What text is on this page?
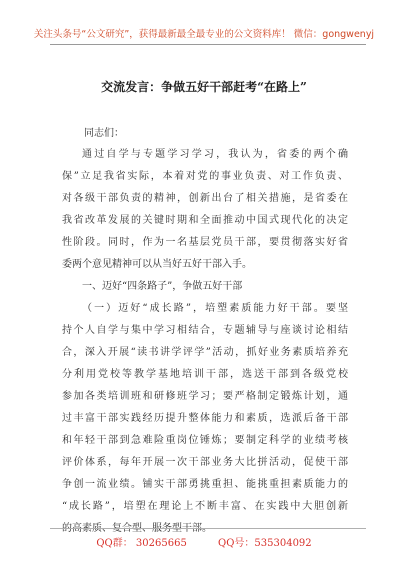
关注头条号“公文研究”，获得最新最全最专业的公文资料库！ 微信：gongwenyj
交流发言：争做五好干部赶考“在路上”
同志们：
通过自学与专题学习学习，我认为，省委的两个确
保”立足我省实际，本着对党的事业负责、对工作负责、
对各级干部负责的精神，创新出台了相关措施，是省委在
我省改革发展的关键时期和全面推动中国式现代化的决定
性阶段。同时，作为一名基层党员干部，要贯彻落实好省
委两个意见精神可以从当好五好干部入手。
一、迈好“四条路子”，争做五好干部
（一）迈好“成长路”，培塑素质能力好干部。要坚
持个人自学与集中学习相结合，专题辅导与座谈讨论相结
合，深入开展“读书讲学评学”活动，抓好业务素质培养充
分利用党校等教学基地培训干部，选送干部到各级党校
参加各类培训班和研修班学习；要严格制定锻炼计划，通
过丰富干部实践经历提升整体能力和素质，选派后备干部
和年轻干部到急难险重岗位锤炼；要制定科学的业绩考核
评价体系，每年开展一次干部业务大比拼活动，促使干部
争创一流业绩。铺实干部勇挑重担、能挑重担素质能力的
“成长路”，培塑在理论上不断丰富、在实践中大胆创新
的高素质、复合型、服务型干部。
QQ群： 30265665	QQ号：535304092
